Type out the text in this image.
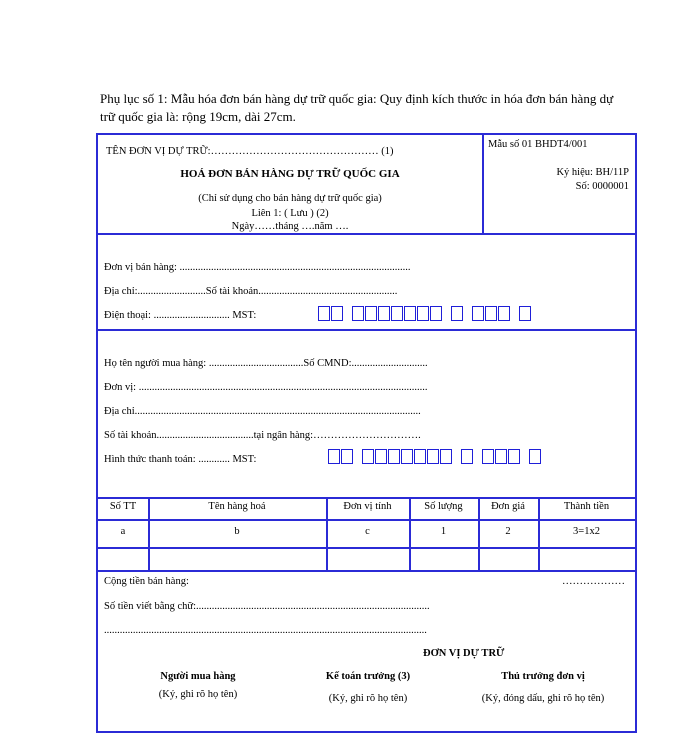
Phụ lục số 1: Mẫu hóa đơn bán hàng dự trữ quốc gia: Quy định kích thước in hóa đơn bán hàng dự trữ quốc gia là: rộng 19cm, dài 27cm.
TÊN ĐƠN VỊ DỰ TRỮ:………………………………………… (1)
HOÁ ĐƠN BÁN HÀNG DỰ TRỮ QUỐC GIA
(Chỉ sử dụng cho bán hàng dự trữ quốc gia)
Liên 1: ( Lưu ) (2)
Ngày……tháng ….năm ….
Mẫu số 01 BHDT4/001
Ký hiệu: BH/11P
Số: 0000001
Đơn vị bán hàng: ........................................................................................
Địa chỉ:..........................Số tài khoản.....................................................
Điện thoại: ............................. MST:
Họ tên người mua hàng: ....................................Số CMND:.............................
Đơn vị: ..............................................................................................................
Địa chỉ.............................................................................................................
Số tài khoản.....................................tại ngân hàng:………………………….
Hình thức thanh toán: ............ MST:
Số TT	Tên hàng hoá	Đơn vị tính	Số lượng	Đơn giá	Thành tiền
a	b	c	1	2	3=1x2
Cộng tiền bán hàng:	………………
Số tiền viết bằng chữ:.........................................................................................
...........................................................................................................................
ĐƠN VỊ DỰ TRỮ
Người mua hàng
(Ký, ghi rõ họ tên)
Kế toán trưởng (3)
(Ký, ghi rõ họ tên)
Thủ trưởng đơn vị
(Ký, đóng dấu, ghi rõ họ tên)
